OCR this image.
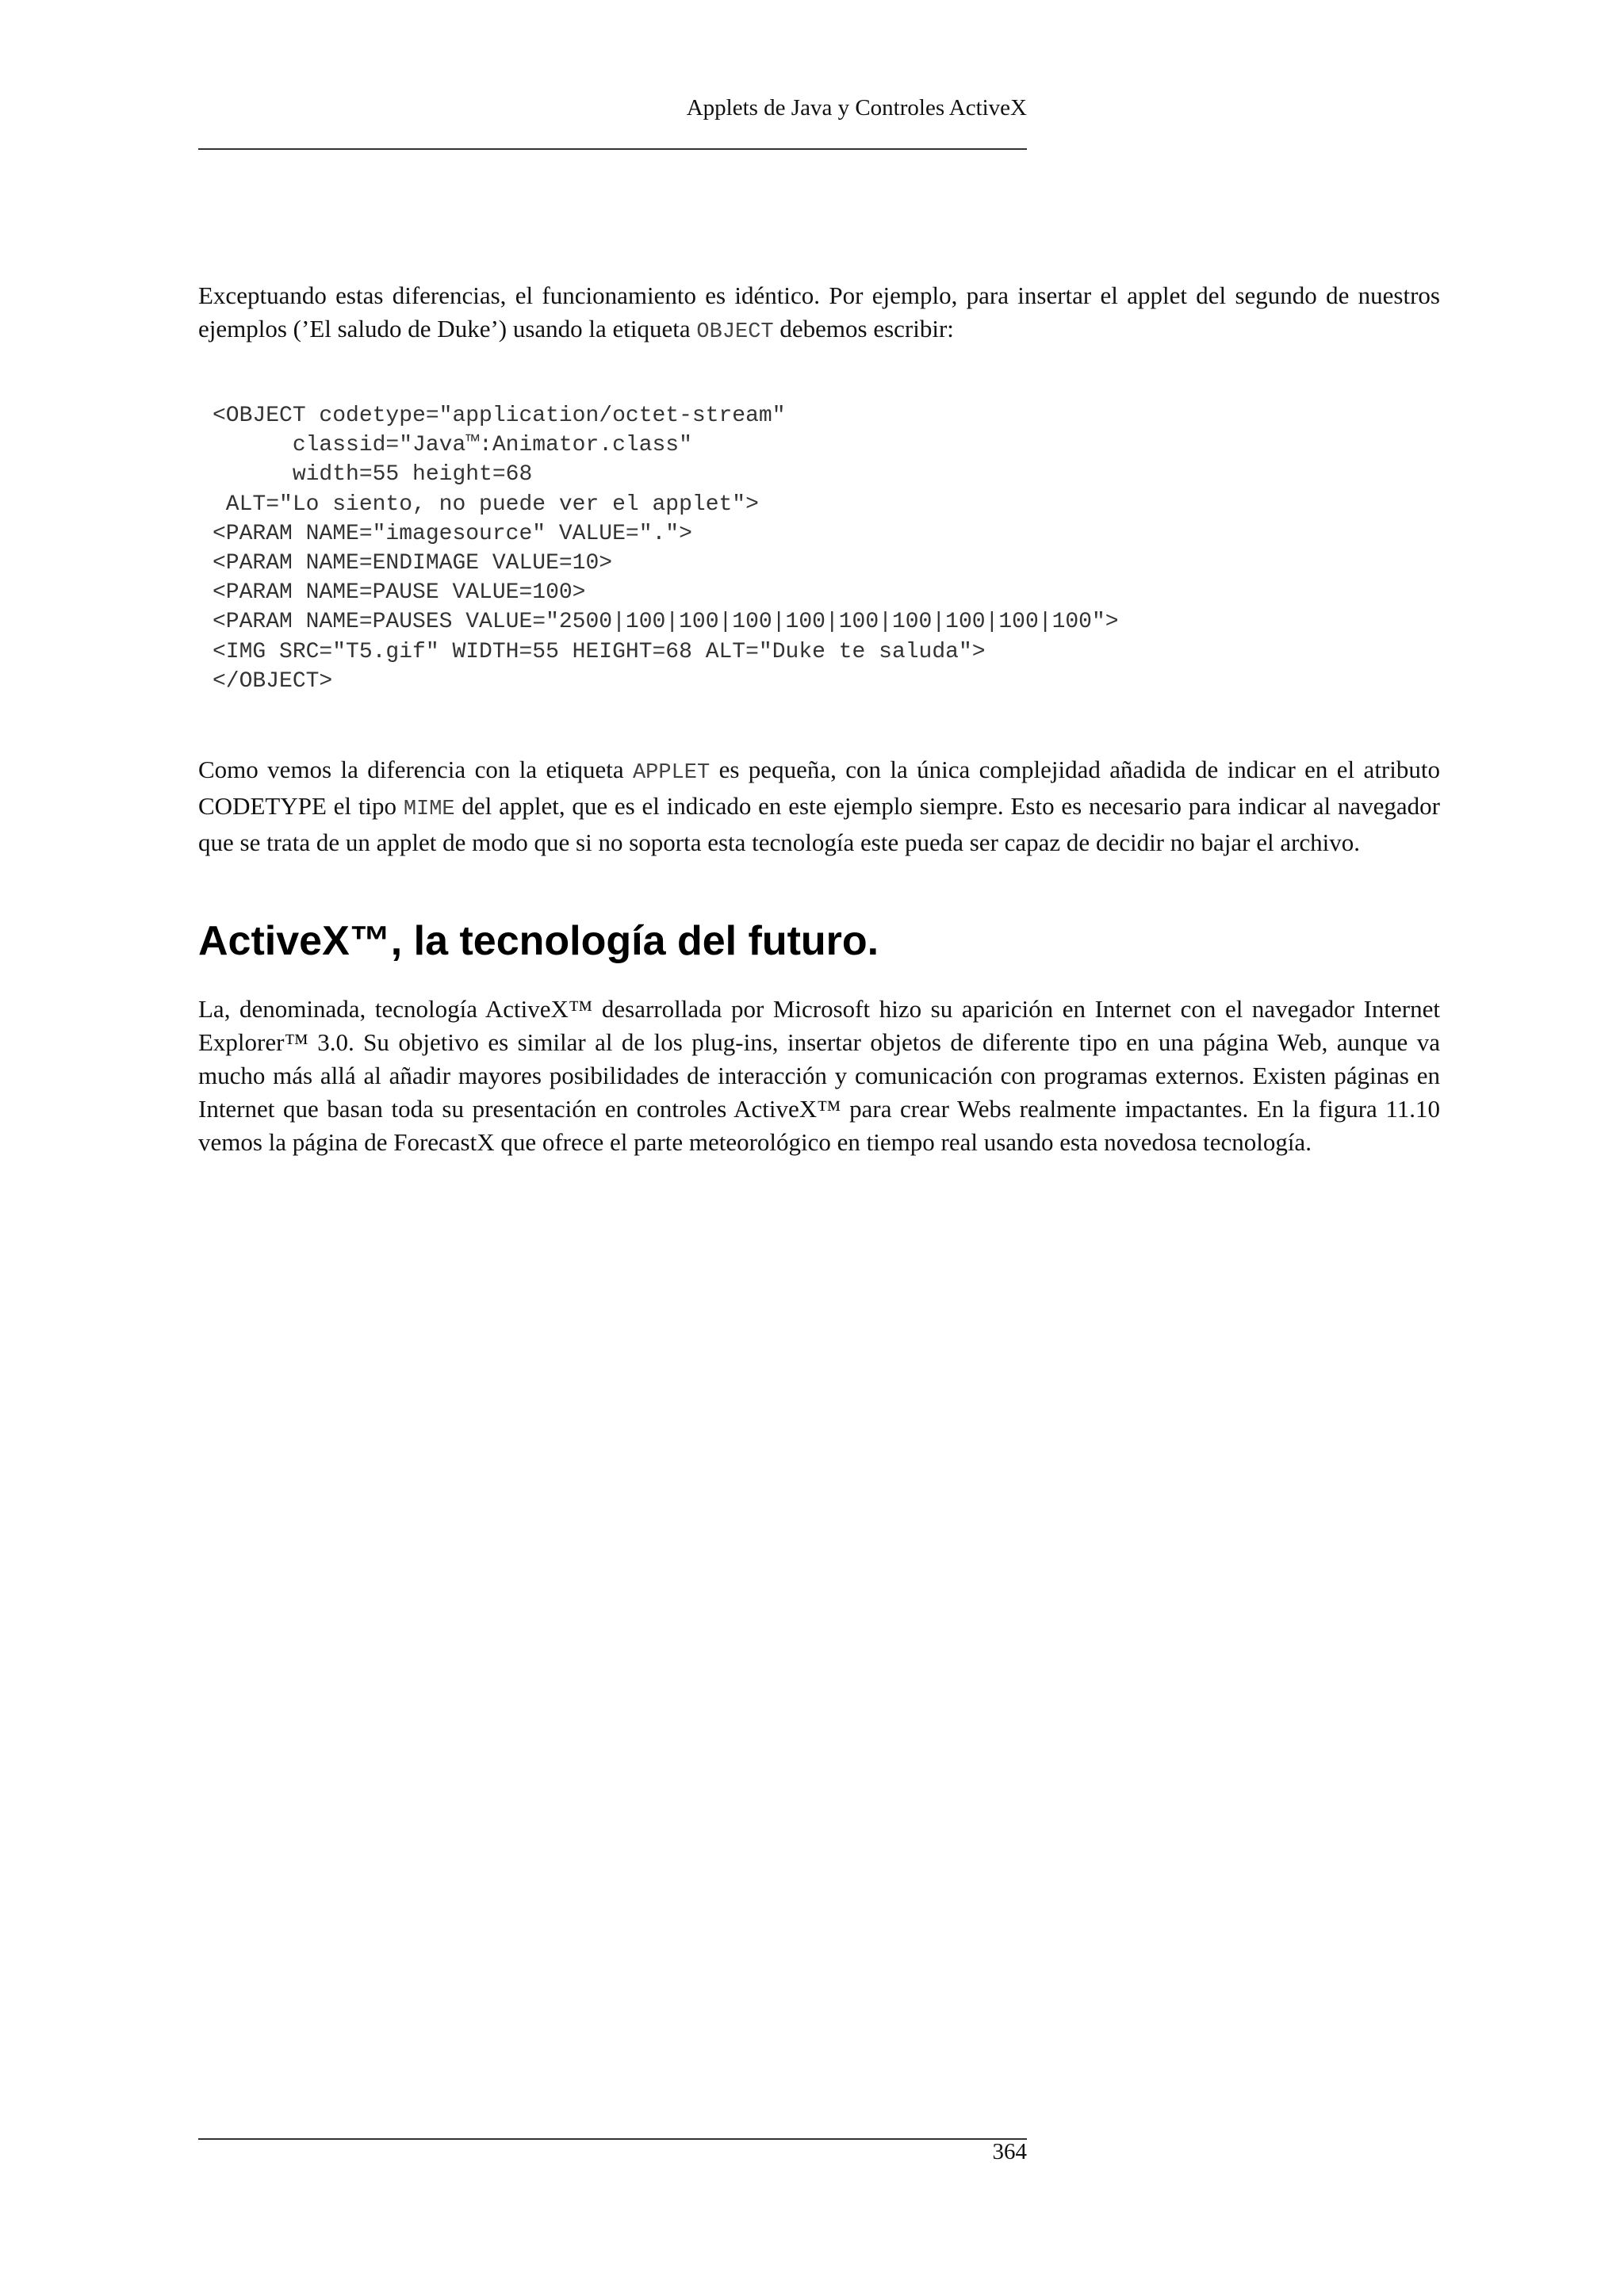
Applets de Java y Controles ActiveX

Exceptuando estas diferencias, el funcionamiento es idéntico. Por ejemplo, para insertar el applet del segundo de nuestros ejemplos (’El saludo de Duke’) usando la etiqueta OBJECT debemos escribir:

<OBJECT codetype="application/octet-stream"
classid="Java™:Animator.class"
width=55 height=68
ALT="Lo siento, no puede ver el applet">
<PARAM NAME="imagesource" VALUE=".">
<PARAM NAME=ENDIMAGE VALUE=10>
<PARAM NAME=PAUSE VALUE=100>
<PARAM NAME=PAUSES VALUE="2500|100|100|100|100|100|100|100|100|100">
<IMG SRC="T5.gif" WIDTH=55 HEIGHT=68 ALT="Duke te saluda">
</OBJECT>

Como vemos la diferencia con la etiqueta APPLET es pequeña, con la única complejidad añadida de indicar en el atributo CODETYPE el tipo MIME del applet, que es el indicado en este ejemplo siempre. Esto es necesario para indicar al navegador que se trata de un applet de modo que si no soporta esta tecnología este pueda ser capaz de decidir no bajar el archivo.

ActiveX™, la tecnología del futuro.

La, denominada, tecnología ActiveX™ desarrollada por Microsoft hizo su aparición en Internet con el navegador Internet Explorer™ 3.0. Su objetivo es similar al de los plug-ins, insertar objetos de diferente tipo en una página Web, aunque va mucho más allá al añadir mayores posibilidades de interacción y comunicación con programas externos. Existen páginas en Internet que basan toda su presentación en controles ActiveX™ para crear Webs realmente impactantes. En la figura 11.10 vemos la página de ForecastX que ofrece el parte meteorológico en tiempo real usando esta novedosa tecnología.

364
